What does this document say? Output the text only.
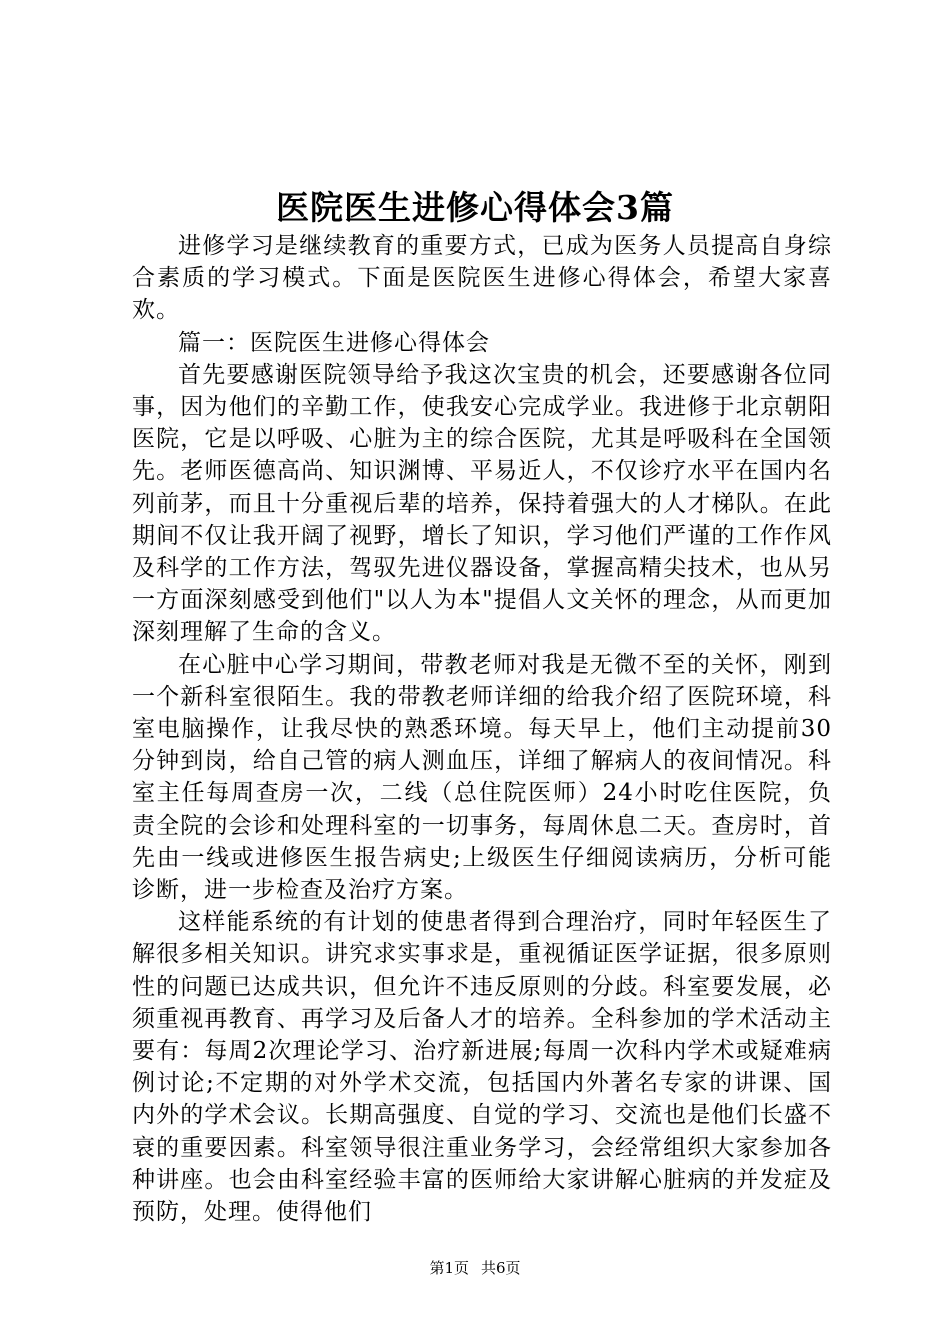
医院医生进修心得体会3篇

进修学习是继续教育的重要方式，已成为医务人员提高自身综合素质的学习模式。下面是医院医生进修心得体会，希望大家喜欢。

篇一：医院医生进修心得体会

首先要感谢医院领导给予我这次宝贵的机会，还要感谢各位同事，因为他们的辛勤工作，使我安心完成学业。我进修于北京朝阳医院，它是以呼吸、心脏为主的综合医院，尤其是呼吸科在全国领先。老师医德高尚、知识渊博、平易近人，不仅诊疗水平在国内名列前茅，而且十分重视后辈的培养，保持着强大的人才梯队。在此期间不仅让我开阔了视野，增长了知识，学习他们严谨的工作作风及科学的工作方法，驾驭先进仪器设备，掌握高精尖技术，也从另一方面深刻感受到他们"以人为本"提倡人文关怀的理念，从而更加深刻理解了生命的含义。

在心脏中心学习期间，带教老师对我是无微不至的关怀，刚到一个新科室很陌生。我的带教老师详细的给我介绍了医院环境，科室电脑操作，让我尽快的熟悉环境。每天早上，他们主动提前30分钟到岗，给自己管的病人测血压，详细了解病人的夜间情况。科室主任每周查房一次，二线（总住院医师）24小时吃住医院，负责全院的会诊和处理科室的一切事务，每周休息二天。查房时，首先由一线或进修医生报告病史;上级医生仔细阅读病历，分析可能诊断，进一步检查及治疗方案。

这样能系统的有计划的使患者得到合理治疗，同时年轻医生了解很多相关知识。讲究求实事求是，重视循证医学证据，很多原则性的问题已达成共识，但允许不违反原则的分歧。科室要发展，必须重视再教育、再学习及后备人才的培养。全科参加的学术活动主要有：每周2次理论学习、治疗新进展;每周一次科内学术或疑难病例讨论;不定期的对外学术交流，包括国内外著名专家的讲课、国内外的学术会议。长期高强度、自觉的学习、交流也是他们长盛不衰的重要因素。科室领导很注重业务学习，会经常组织大家参加各种讲座。也会由科室经验丰富的医师给大家讲解心脏病的并发症及预防，处理。使得他们

第1页 共6页
